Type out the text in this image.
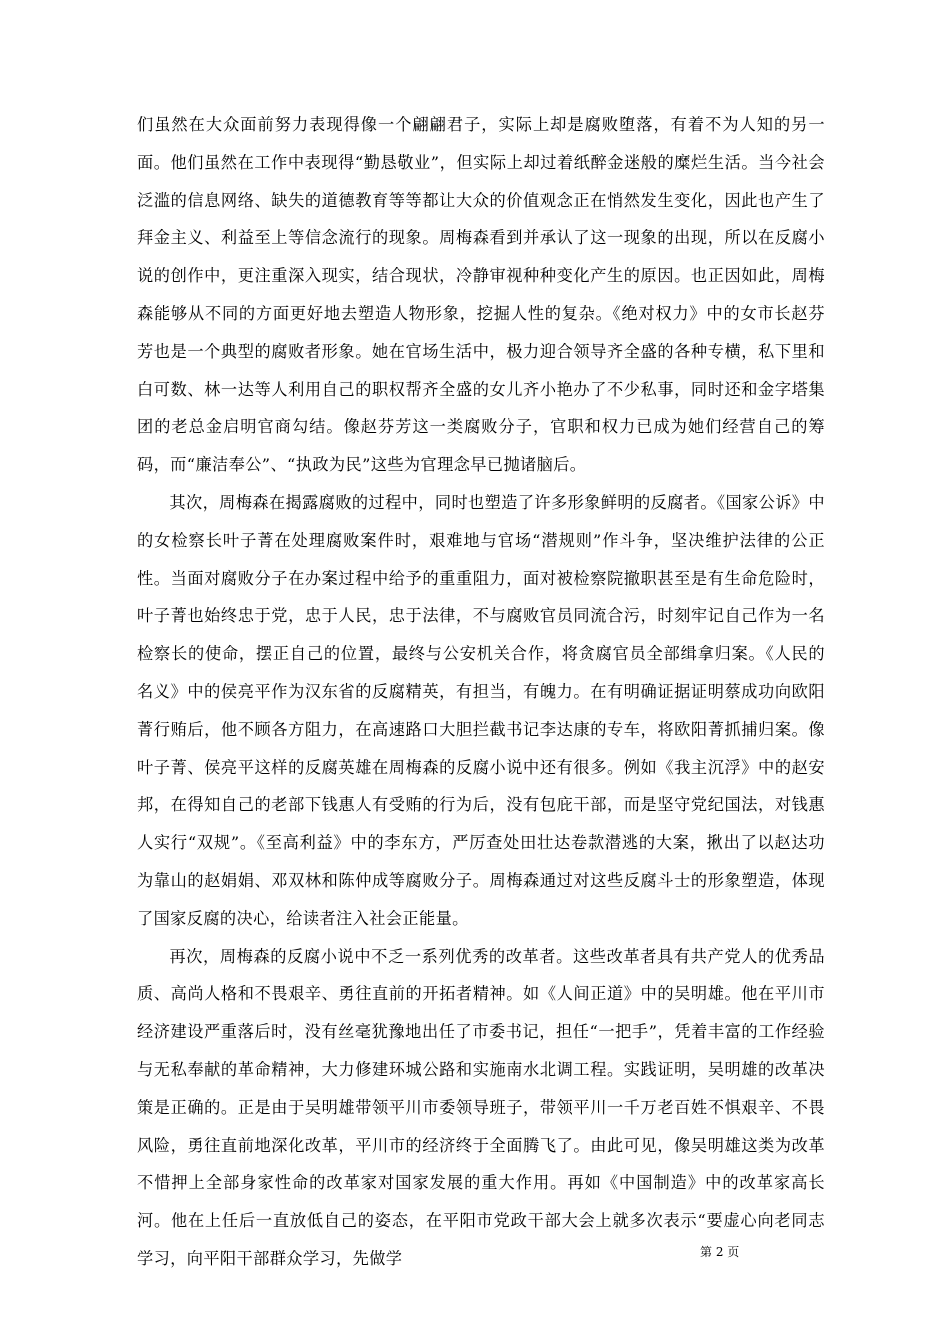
们虽然在大众面前努力表现得像一个翩翩君子，实际上却是腐败堕落，有着不为人知的另一面。他们虽然在工作中表现得“勤恳敬业”，但实际上却过着纸醉金迷般的糜烂生活。当今社会泛滥的信息网络、缺失的道德教育等等都让大众的价值观念正在悄然发生变化，因此也产生了拜金主义、利益至上等信念流行的现象。周梅森看到并承认了这一现象的出现，所以在反腐小说的创作中，更注重深入现实，结合现状，冷静审视种种变化产生的原因。也正因如此，周梅森能够从不同的方面更好地去塑造人物形象，挖掘人性的复杂。《绝对权力》中的女市长赵芬芳也是一个典型的腐败者形象。她在官场生活中，极力迎合领导齐全盛的各种专横，私下里和白可数、林一达等人利用自己的职权帮齐全盛的女儿齐小艳办了不少私事，同时还和金字塔集团的老总金启明官商勾结。像赵芬芳这一类腐败分子，官职和权力已成为她们经营自己的筹码，而“廉洁奉公”、“执政为民”这些为官理念早已抛诸脑后。

其次，周梅森在揭露腐败的过程中，同时也塑造了许多形象鲜明的反腐者。《国家公诉》中的女检察长叶子菁在处理腐败案件时，艰难地与官场“潜规则”作斗争，坚决维护法律的公正性。当面对腐败分子在办案过程中给予的重重阻力，面对被检察院撤职甚至是有生命危险时，叶子菁也始终忠于党，忠于人民，忠于法律，不与腐败官员同流合污，时刻牢记自己作为一名检察长的使命，摆正自己的位置，最终与公安机关合作，将贪腐官员全部缉拿归案。《人民的名义》中的侯亮平作为汉东省的反腐精英，有担当，有魄力。在有明确证据证明蔡成功向欧阳菁行贿后，他不顾各方阻力，在高速路口大胆拦截书记李达康的专车，将欧阳菁抓捕归案。像叶子菁、侯亮平这样的反腐英雄在周梅森的反腐小说中还有很多。例如《我主沉浮》中的赵安邦，在得知自己的老部下钱惠人有受贿的行为后，没有包庇干部，而是坚守党纪国法，对钱惠人实行“双规”。《至高利益》中的李东方，严厉查处田壮达卷款潜逃的大案，揪出了以赵达功为靠山的赵娟娟、邓双林和陈仲成等腐败分子。周梅森通过对这些反腐斗士的形象塑造，体现了国家反腐的决心，给读者注入社会正能量。

再次，周梅森的反腐小说中不乏一系列优秀的改革者。这些改革者具有共产党人的优秀品质、高尚人格和不畏艰辛、勇往直前的开拓者精神。如《人间正道》中的吴明雄。他在平川市经济建设严重落后时，没有丝毫犹豫地出任了市委书记，担任“一把手”，凭着丰富的工作经验与无私奉献的革命精神，大力修建环城公路和实施南水北调工程。实践证明，吴明雄的改革决策是正确的。正是由于吴明雄带领平川市委领导班子，带领平川一千万老百姓不惧艰辛、不畏风险，勇往直前地深化改革，平川市的经济终于全面腾飞了。由此可见，像吴明雄这类为改革不惜押上全部身家性命的改革家对国家发展的重大作用。再如《中国制造》中的改革家高长河。他在上任后一直放低自己的姿态，在平阳市党政干部大会上就多次表示“要虚心向老同志学习，向平阳干部群众学习，先做学	第 2 页
